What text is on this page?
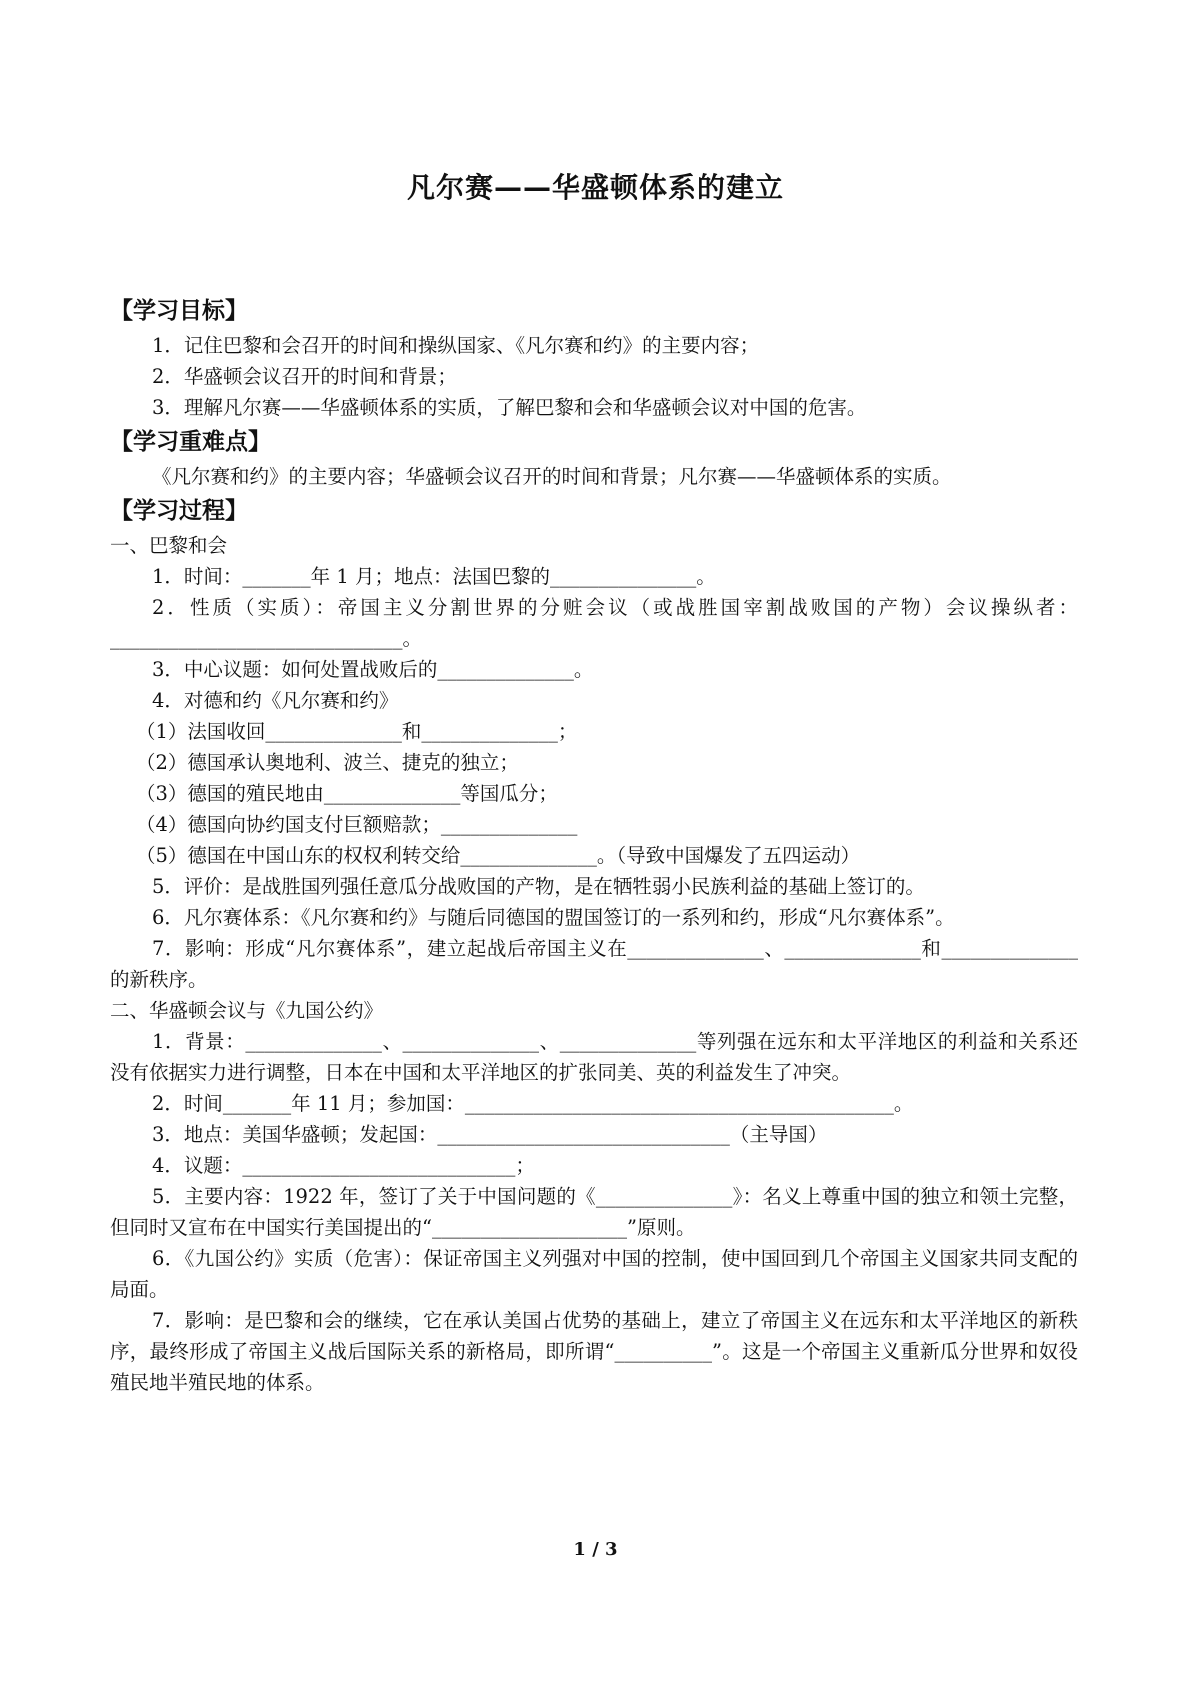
凡尔赛——华盛顿体系的建立
【学习目标】
1．记住巴黎和会召开的时间和操纵国家、《凡尔赛和约》的主要内容；
2．华盛顿会议召开的时间和背景；
3．理解凡尔赛——华盛顿体系的实质，了解巴黎和会和华盛顿会议对中国的危害。
【学习重难点】
《凡尔赛和约》的主要内容；华盛顿会议召开的时间和背景；凡尔赛——华盛顿体系的实质。
【学习过程】
一、巴黎和会
1．时间：_______年 1 月；地点：法国巴黎的_______________。
2．性质（实质）：帝国主义分割世界的分赃会议（或战胜国宰割战败国的产物）会议操纵者：______________________________。
3．中心议题：如何处置战败后的______________。
4．对德和约《凡尔赛和约》
（1）法国收回______________和______________；
（2）德国承认奥地利、波兰、捷克的独立；
（3）德国的殖民地由______________等国瓜分；
（4）德国向协约国支付巨额赔款；______________
（5）德国在中国山东的权权利转交给______________。（导致中国爆发了五四运动）
5．评价：是战胜国列强任意瓜分战败国的产物，是在牺牲弱小民族利益的基础上签订的。
6．凡尔赛体系：《凡尔赛和约》与随后同德国的盟国签订的一系列和约，形成“凡尔赛体系”。
7．影响：形成“凡尔赛体系”，建立起战后帝国主义在______________、______________和______________的新秩序。
二、华盛顿会议与《九国公约》
1．背景：______________、______________、______________等列强在远东和太平洋地区的利益和关系还没有依据实力进行调整，日本在中国和太平洋地区的扩张同美、英的利益发生了冲突。
2．时间_______年 11 月；参加国：____________________________________________。
3．地点：美国华盛顿；发起国：______________________________（主导国）
4．议题：____________________________；
5．主要内容：1922 年，签订了关于中国问题的《______________》：名义上尊重中国的独立和领土完整，但同时又宣布在中国实行美国提出的“____________________”原则。
6．《九国公约》实质（危害）：保证帝国主义列强对中国的控制，使中国回到几个帝国主义国家共同支配的局面。
7．影响：是巴黎和会的继续，它在承认美国占优势的基础上，建立了帝国主义在远东和太平洋地区的新秩序，最终形成了帝国主义战后国际关系的新格局，即所谓“__________”。这是一个帝国主义重新瓜分世界和奴役殖民地半殖民地的体系。
1 / 3
